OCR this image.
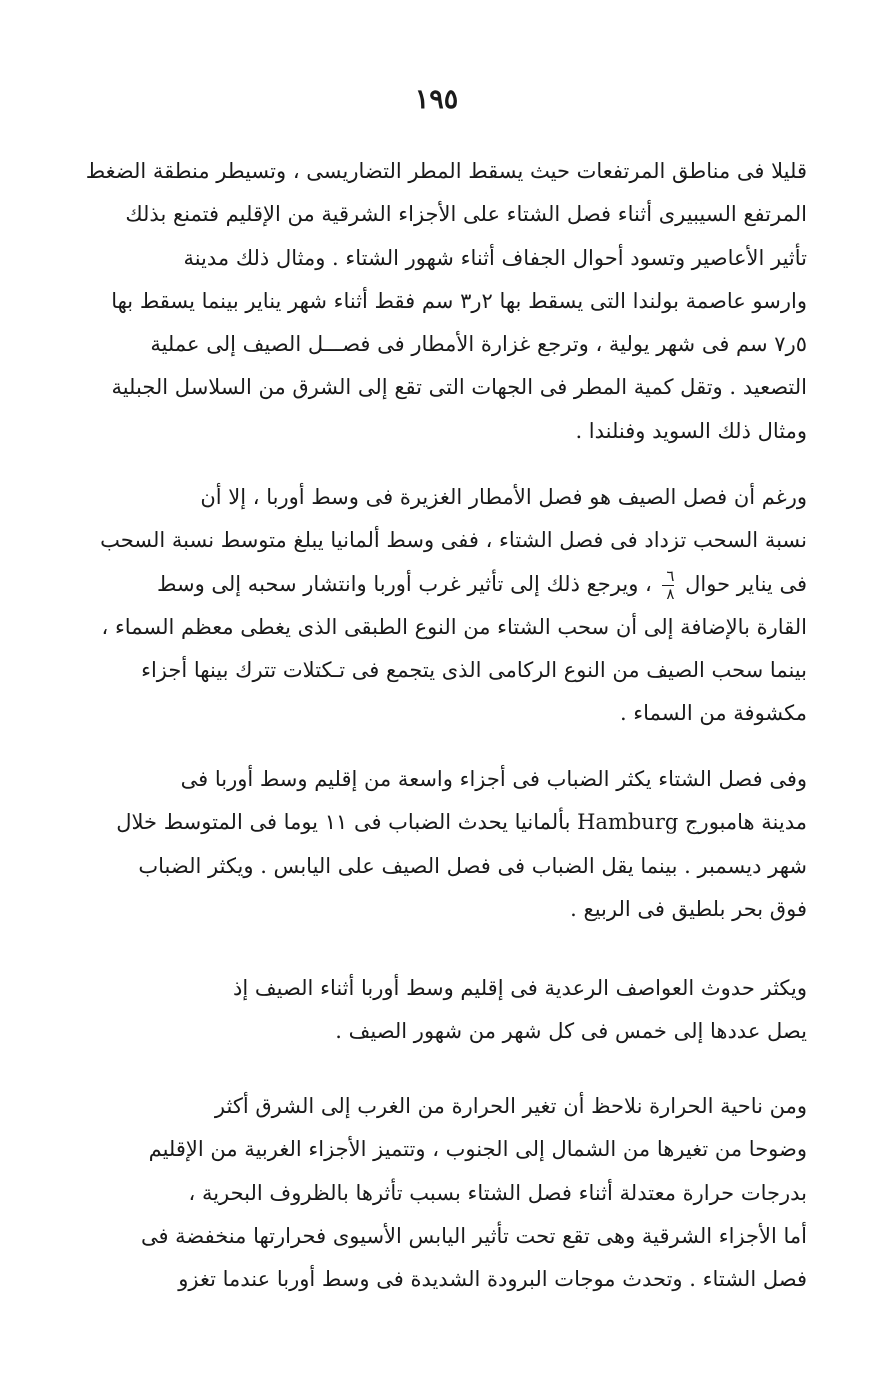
١٩٥
قليلا فى مناطق المرتفعات حيث يسقط المطر التضاريسى ، وتسيطر منطقة الضغط
المرتفع السيبيرى أثناء فصل الشتاء على الأجزاء الشرقية من الإقليم فتمنع بذلك
تأثير الأعاصير وتسود أحوال الجفاف أثناء شهور الشتاء . ومثال ذلك مدينة
وارسو عاصمة بولندا التى يسقط بها ٢ر٣ سم فقط أثناء شهر يناير بينما يسقط بها
٥ر٧ سم فى شهر يولية ، وترجع غزارة الأمطار فى فصـــل الصيف إلى عملية
التصعيد . وتقل كمية المطر فى الجهات التى تقع إلى الشرق من السلاسل الجبلية
ومثال ذلك السويد وفنلندا .
ورغم أن فصل الصيف هو فصل الأمطار الغزيرة فى وسط أوربا ، إلا أن
نسبة السحب تزداد فى فصل الشتاء ، ففى وسط ألمانيا يبلغ متوسط نسبة السحب
فى يناير حوال
$\frac{٦}{٨}$
، ويرجع ذلك إلى تأثير غرب أوربا وانتشار سحبه إلى وسط
القارة بالإضافة إلى أن سحب الشتاء من النوع الطبقى الذى يغطى معظم السماء ،
بينما سحب الصيف من النوع الركامى الذى يتجمع فى تـكتلات تترك بينها أجزاء
مكشوفة من السماء .
وفى فصل الشتاء يكثر الضباب فى أجزاء واسعة من إقليم وسط أوربا فى
مدينة هامبورج Hamburg بألمانيا يحدث الضباب فى ١١ يوما فى المتوسط خلال
شهر ديسمبر . بينما يقل الضباب فى فصل الصيف على اليابس . ويكثر الضباب
فوق بحر بلطيق فى الربيع .
ويكثر حدوث العواصف الرعدية فى إقليم وسط أوربا أثناء الصيف إذ
يصل عددها إلى خمس فى كل شهر من شهور الصيف .
ومن ناحية الحرارة نلاحظ أن تغير الحرارة من الغرب إلى الشرق أكثر
وضوحا من تغيرها من الشمال إلى الجنوب ، وتتميز الأجزاء الغربية من الإقليم
بدرجات حرارة معتدلة أثناء فصل الشتاء بسبب تأثرها بالظروف البحرية ،
أما الأجزاء الشرقية وهى تقع تحت تأثير اليابس الأسيوى فحرارتها منخفضة فى
فصل الشتاء . وتحدث موجات البرودة الشديدة فى وسط أوربا عندما تغزو
